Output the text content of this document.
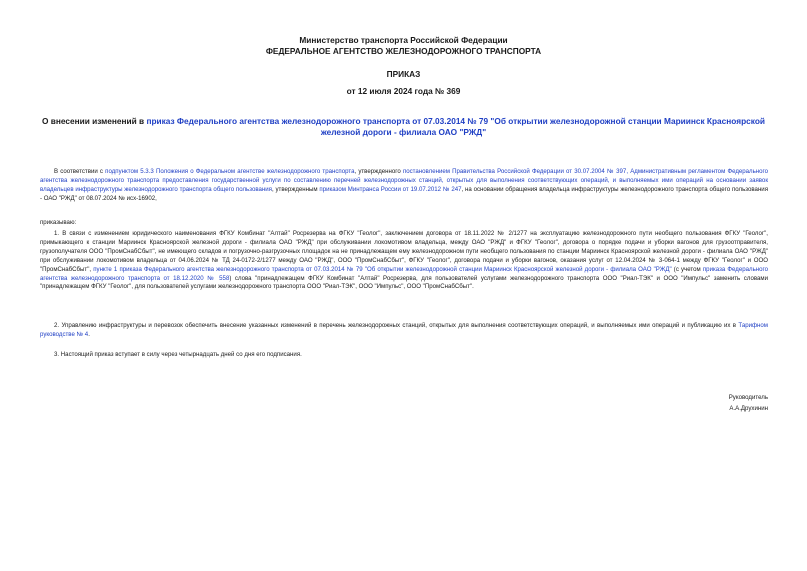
Министерство транспорта Российской Федерации
ФЕДЕРАЛЬНОЕ АГЕНТСТВО ЖЕЛЕЗНОДОРОЖНОГО ТРАНСПОРТА
ПРИКАЗ
от 12 июля 2024 года № 369
О внесении изменений в приказ Федерального агентства железнодорожного транспорта от 07.03.2014 № 79 "Об открытии железнодорожной станции Мариинск Красноярской железной дороги - филиала ОАО "РЖД"
В соответствии с подпунктом 5.3.3 Положения о Федеральном агентстве железнодорожного транспорта, утвержденного постановлением Правительства Российской Федерации от 30.07.2004 № 397, Административным регламентом Федерального агентства железнодорожного транспорта предоставления государственной услуги по составлению перечней железнодорожных станций, открытых для выполнения соответствующих операций, и выполняемых ими операций на основании заявок владельцев инфраструктуры железнодорожного транспорта общего пользования, утвержденным приказом Минтранса России от 19.07.2012 № 247, на основании обращения владельца инфраструктуры железнодорожного транспорта общего пользования - ОАО "РЖД" от 08.07.2024 № исх-16902,
приказываю:
1. В связи с изменением юридического наименования ФГКУ Комбинат "Алтай" Росрезерва на ФГКУ "Геолог", заключением договора от 18.11.2022 № 2/1277 на эксплуатацию железнодорожного пути необщего пользования ФГКУ "Геолог", примыкающего к станции Мариинск Красноярской железной дороги - филиала ОАО "РЖД" при обслуживании локомотивом владельца, между ОАО "РЖД" и ФГКУ "Геолог", договора о порядке подачи и уборки вагонов для грузоотправителя, грузополучателя ООО "ПромСнабСбыт", не имеющего складов и погрузочно-разгрузочных площадок на не принадлежащем ему железнодорожном пути необщего пользования по станции Мариинск Красноярской железной дороги - филиала ОАО "РЖД" при обслуживании локомотивом владельца от 04.06.2024 № ТД 24-0172-2/1277 между ОАО "РЖД", ООО "ПромСнабСбыт", ФГКУ "Геолог", договора подачи и уборки вагонов, оказания услуг от 12.04.2024 № 3-064-1 между ФГКУ "Геолог" и ООО "ПромСнабСбыт", пункте 1 приказа Федерального агентства железнодорожного транспорта от 07.03.2014 № 79 "Об открытии железнодорожной станции Мариинск Красноярской железной дороги - филиала ОАО "РЖД" (с учетом приказа Федерального агентства железнодорожного транспорта от 18.12.2020 № 558) слова "принадлежащем ФГКУ Комбинат "Алтай" Росрезерва, для пользователей услугами железнодорожного транспорта ООО "Риал-ТЭК" и ООО "Импульс" заменить словами "принадлежащем ФГКУ "Геолог", для пользователей услугами железнодорожного транспорта ООО "Риал-ТЭК", ООО "Импульс", ООО "ПромСнабСбыт".
2. Управлению инфраструктуры и перевозок обеспечить внесение указанных изменений в перечень железнодорожных станций, открытых для выполнения соответствующих операций, и выполняемых ими операций и публикацию их в Тарифном руководстве № 4.
3. Настоящий приказ вступает в силу через четырнадцать дней со дня его подписания.
Руководитель
А.А.Друхинин
